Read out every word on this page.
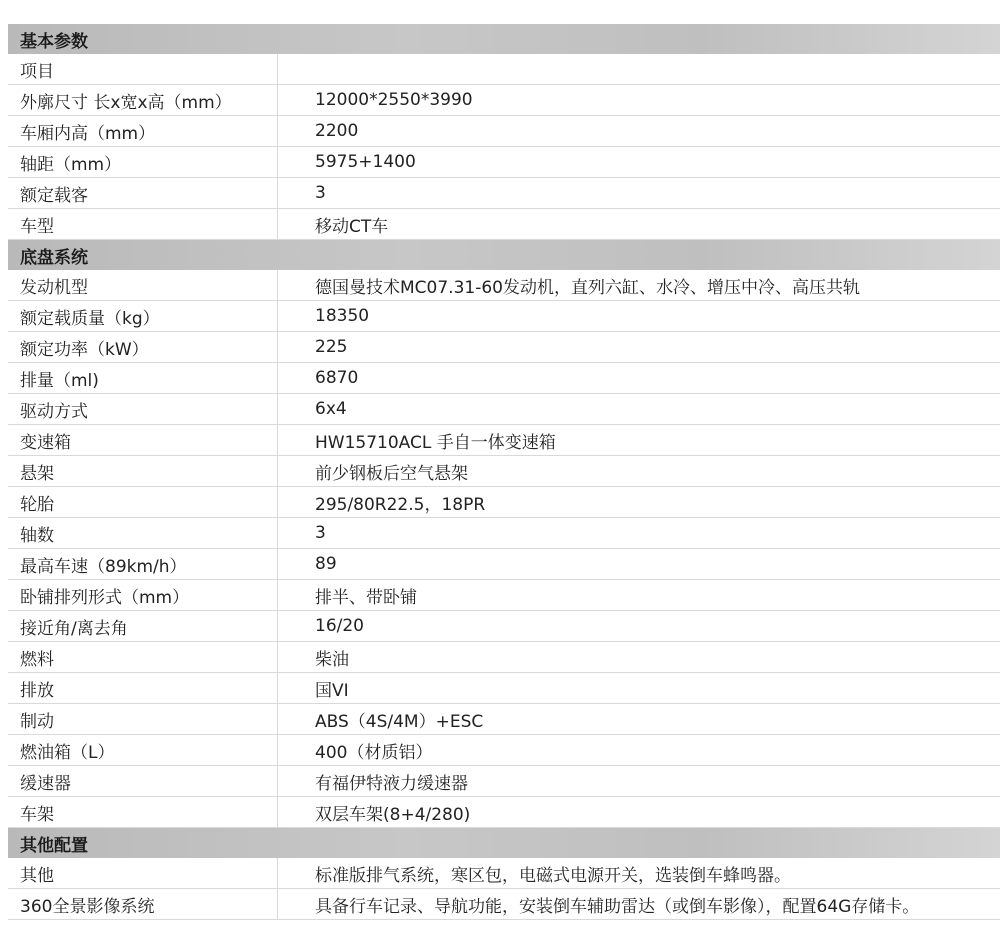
基本参数
项目
外廓尺寸 长x宽x高（mm）	12000*2550*3990
车厢内高（mm）	2200
轴距（mm）	5975+1400
额定载客	3
车型	移动CT车
底盘系统
发动机型	德国曼技术MC07.31-60发动机，直列六缸、水冷、增压中冷、高压共轨
额定载质量（kg）	18350
额定功率（kW）	225
排量（ml)	6870
驱动方式	6x4
变速箱	HW15710ACL 手自一体变速箱
悬架	前少钢板后空气悬架
轮胎	295/80R22.5，18PR
轴数	3
最高车速（89km/h）	89
卧铺排列形式（mm）	排半、带卧铺
接近角/离去角	16/20
燃料	柴油
排放	国VI
制动	ABS（4S/4M）+ESC
燃油箱（L）	400（材质铝）
缓速器	有福伊特液力缓速器
车架	双层车架(8+4/280)
其他配置
其他	标准版排气系统，寒区包，电磁式电源开关，选装倒车蜂鸣器。
360全景影像系统	具备行车记录、导航功能，安装倒车辅助雷达（或倒车影像），配置64G存储卡。
